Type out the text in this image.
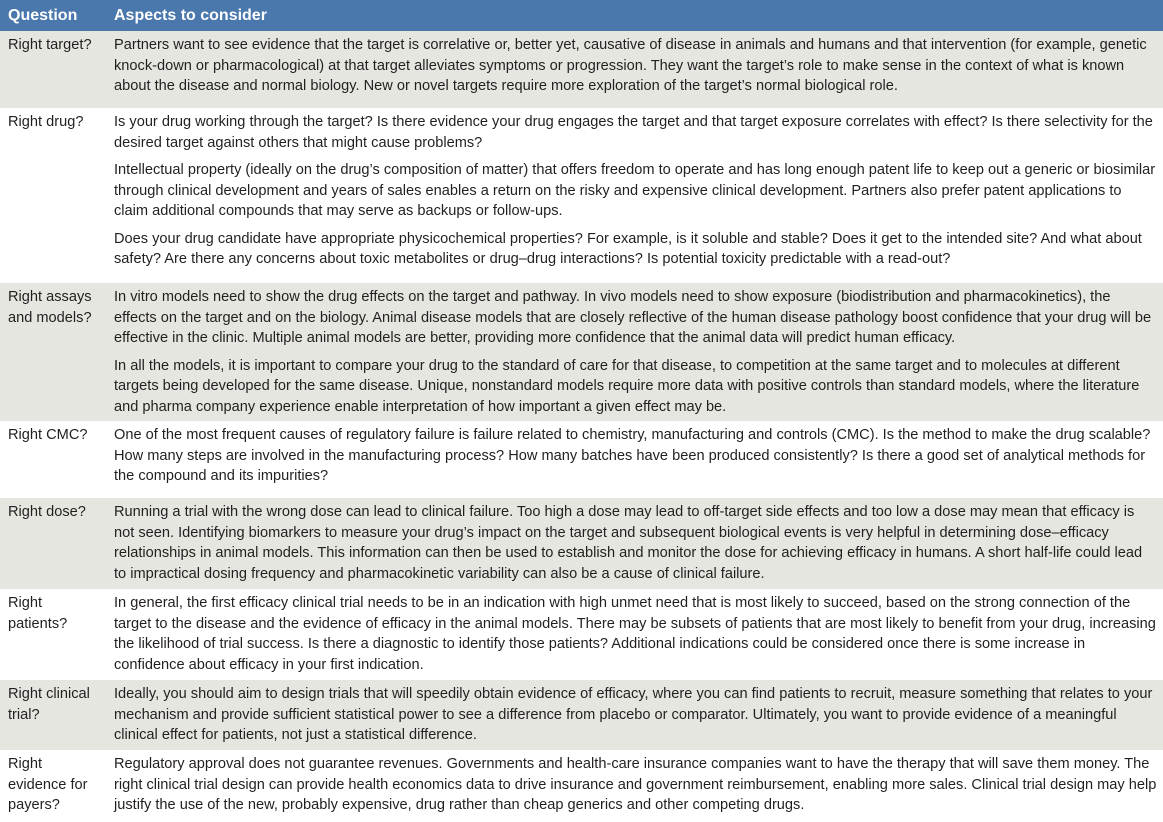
Question	Aspects to consider
Right target?	Partners want to see evidence that the target is correlative or, better yet, causative of disease in animals and humans and that intervention (for example, genetic knock-down or pharmacological) at that target alleviates symptoms or progression. They want the target’s role to make sense in the context of what is known about the disease and normal biology. New or novel targets require more exploration of the target’s normal biological role.

Right drug?	Is your drug working through the target? Is there evidence your drug engages the target and that target exposure correlates with effect? Is there selectivity for the desired target against others that might cause problems?

Intellectual property (ideally on the drug’s composition of matter) that offers freedom to operate and has long enough patent life to keep out a generic or biosimilar through clinical development and years of sales enables a return on the risky and expensive clinical development. Partners also prefer patent applications to claim additional compounds that may serve as backups or follow-ups.

Does your drug candidate have appropriate physicochemical properties? For example, is it soluble and stable? Does it get to the intended site? And what about safety? Are there any concerns about toxic metabolites or drug–drug interactions? Is potential toxicity predictable with a read-out?

Right assays and models?	In vitro models need to show the drug effects on the target and pathway. In vivo models need to show exposure (biodistribution and pharmacokinetics), the effects on the target and on the biology. Animal disease models that are closely reflective of the human disease pathology boost confidence that your drug will be effective in the clinic. Multiple animal models are better, providing more confidence that the animal data will predict human efficacy.

In all the models, it is important to compare your drug to the standard of care for that disease, to competition at the same target and to molecules at different targets being developed for the same disease. Unique, nonstandard models require more data with positive controls than standard models, where the literature and pharma company experience enable interpretation of how important a given effect may be.

Right CMC?	One of the most frequent causes of regulatory failure is failure related to chemistry, manufacturing and controls (CMC). Is the method to make the drug scalable? How many steps are involved in the manufacturing process? How many batches have been produced consistently? Is there a good set of analytical methods for the compound and its impurities?

Right dose?	Running a trial with the wrong dose can lead to clinical failure. Too high a dose may lead to off-target side effects and too low a dose may mean that efficacy is not seen. Identifying biomarkers to measure your drug’s impact on the target and subsequent biological events is very helpful in determining dose–efficacy relationships in animal models. This information can then be used to establish and monitor the dose for achieving efficacy in humans. A short half-life could lead to impractical dosing frequency and pharmacokinetic variability can also be a cause of clinical failure.

Right patients?	In general, the first efficacy clinical trial needs to be in an indication with high unmet need that is most likely to succeed, based on the strong connection of the target to the disease and the evidence of efficacy in the animal models. There may be subsets of patients that are most likely to benefit from your drug, increasing the likelihood of trial success. Is there a diagnostic to identify those patients? Additional indications could be considered once there is some increase in confidence about efficacy in your first indication.

Right clinical trial?	Ideally, you should aim to design trials that will speedily obtain evidence of efficacy, where you can find patients to recruit, measure something that relates to your mechanism and provide sufficient statistical power to see a difference from placebo or comparator. Ultimately, you want to provide evidence of a meaningful clinical effect for patients, not just a statistical difference.

Right evidence for payers?	Regulatory approval does not guarantee revenues. Governments and health-care insurance companies want to have the therapy that will save them money. The right clinical trial design can provide health economics data to drive insurance and government reimbursement, enabling more sales. Clinical trial design may help justify the use of the new, probably expensive, drug rather than cheap generics and other competing drugs.
